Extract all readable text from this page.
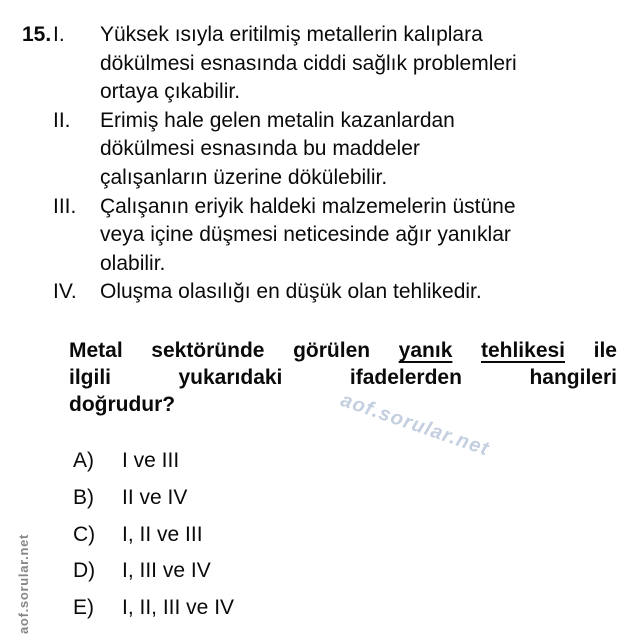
15. I.	Yüksek ısıyla eritilmiş metallerin kalıplara
dökülmesi esnasında ciddi sağlık problemleri
ortaya çıkabilir.
II.	Erimiş hale gelen metalin kazanlardan
dökülmesi esnasında bu maddeler
çalışanların üzerine dökülebilir.
III.	Çalışanın eriyik haldeki malzemelerin üstüne
veya içine düşmesi neticesinde ağır yanıklar
olabilir.
IV.	Oluşma olasılığı en düşük olan tehlikedir.
Metal sektöründe görülen yanık tehlikesi ile
ilgili	yukarıdaki	ifadelerden	hangileri
doğrudur?
A)	I ve III
B)	II ve IV
C)	I, II ve III
D)	I, III ve IV
E)	I, II, III ve IV
aof.sorular.net
aof.sorular.net
